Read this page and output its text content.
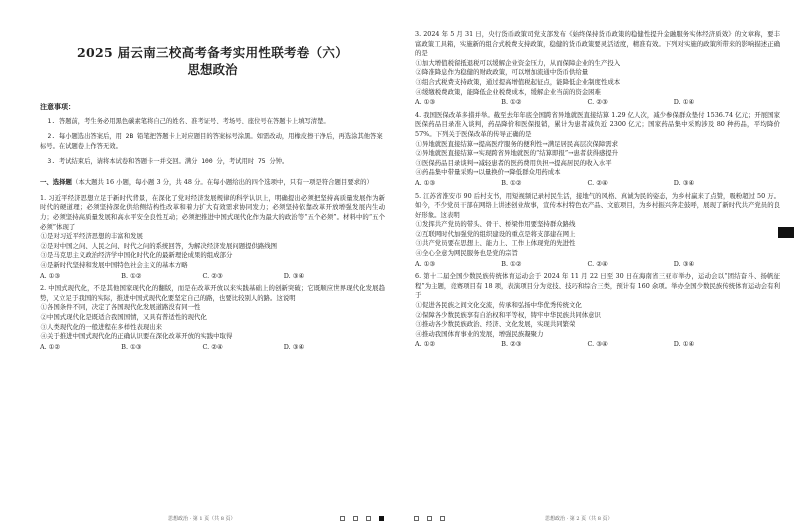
2025 届云南三校高考备考实用性联考卷（六）
思想政治
注意事项：
1. 答题前，考生务必用黑色碳素笔将自己的姓名、准考证号、考场号、座位号在答题卡上填写清楚。
2. 每小题选出答案后，用 2B 铅笔把答题卡上对应题目的答案标号涂黑。如需改动，用橡皮擦干净后，再选涂其他答案标号。在试题卷上作答无效。
3. 考试结束后，请将本试卷和答题卡一并交回。满分 100 分，考试用时 75 分钟。
一、选择题（本大题共 16 小题，每小题 3 分，共 48 分。在每小题给出的四个选项中，只有一项是符合题目要求的）
1. 习近平经济思想立足于新时代背景，在深化了党对经济发展规律的科学认识上，明确提出必须把坚持高质量发展作为新时代的硬道理；必须坚持深化供给侧结构性改革和着力扩大有效需求协同发力；必须坚持依靠改革开放增强发展内生动力；必须坚持高质量发展和高水平安全良性互动；必须把推进中国式现代化作为最大的政治等“五个必须”。材料中的“五个必须”体现了
①是对习近平经济思想的丰富和发展
②是对中国之问、人民之问、时代之问的系统回答，为解决经济发展问题提供路线图
③是马克思主义政治经济学中国化时代化的最新理论成果的组成部分
④是新时代坚持和发展中国特色社会主义的基本方略
A. ①③	B. ①②	C. ②③	D. ③④
2. 中国式现代化，不是其他国家现代化的翻版，而是在改革开放以来实践基础上的创新突破；它既顺应世界现代化发展趋势，又立足于我国的实际，推进中国式现代化要坚定自己的路，也要比较别人的路。这说明
①各国条件不同，决定了各国现代化发展道路没有同一性
②中国式现代化是既适合我国国情，又具有普适性的现代化
③人类现代化的一般进程在多样性表现出来
④关于推进中国式现代化的正确认识要在深化改革开放的实践中取得
A. ①②	B. ①③	C. ②④	D. ③④
3. 2024 年 5 月 31 日，央行货币政策司党支部发布《始终保持货币政策的稳健性提升金融服务实体经济质效》的文章称，要丰富政策工具箱，实施新的组合式税费支持政策，稳健的货币政策要灵活适度，精准有效。下列对实施的政策所带来的影响描述正确的是
①加大增值税留抵退税可以缓解企业资金压力，从而保障企业的生产投入
②降准降息作为稳健的财政政策，可以增加流通中货币供给量
③组合式税费支持政策，通过提高增值税起征点，能降低企业制度性成本
④缓缴税费政策，能降低企业税费成本，缓解企业当前的资金困难
A. ①③	B. ①②	C. ②③	D. ①④
4. 我国医保改革多措并举。截至去年年底全国跨省异地就医直接结算 1.29 亿人次，减少参保群众垫付 1536.74 亿元；开展国家医保药品目录准入谈判，药品降价和医保报销，累计为患者减负近 2300 亿元；国家药品集中采购涉及 80 种药品，平均降价 57%。下列关于医保改革的传导正确的是
①异地就医直接结算→提高医疗服务的便利性→满足居民高层次保障需求
②异地就医直接结算→实现跨省异地就医的“结算即报”→患者获得感提升
③医保药品目录谈判→减轻患者的医药费用负担→提高居民的收入水平
④药品集中带量采购→以量换价→降低群众用药成本
A. ①③	B. ①②	C. ②④	D. ③④
5. 江苏省淮安市 90 后村支书，用短视频记录村民生活，接地气的风格、真诚为民的姿态，为乡村赢来了点赞，吸粉超过 50 万。如今，不少党员干部在网络上讲述创业故事，宣传本村特色农产品、文旅项目，为乡村振兴奔走鼓呼，展现了新时代共产党员的良好形象。这表明
①发挥共产党员的带头、骨干、桥梁作用要坚持群众路线
②互联网时代加强党的组织建设的重点是将支部建在网上
③共产党员要在思想上、能力上、工作上体现党的先进性
④全心全意为网民服务也是党的宗旨
A. ①③	B. ①②	C. ②④	D. ③④
6. 第十二届全国少数民族传统体育运动会于 2024 年 11 月 22 日至 30 日在海南省三亚市举办，运动会以“团结奋斗、扬帆征程”为主题，竞赛项目有 18 项，表演项目分为竞技、技巧和综合三类，预计有 160 余项。举办全国少数民族传统体育运动会有利于
①促进各民族之间文化交流，传承和弘扬中华优秀传统文化
②保障各少数民族享有自治权和平等权，铸牢中华民族共同体意识
③推动各少数民族政治、经济、文化发展，实现共同繁荣
④推动我国体育事业的发展，增强民族凝聚力
A. ①②	B. ②③	C. ③④	D. ①④
思想政治 · 第 1 页（共 8 页）	思想政治 · 第 2 页（共 8 页）
